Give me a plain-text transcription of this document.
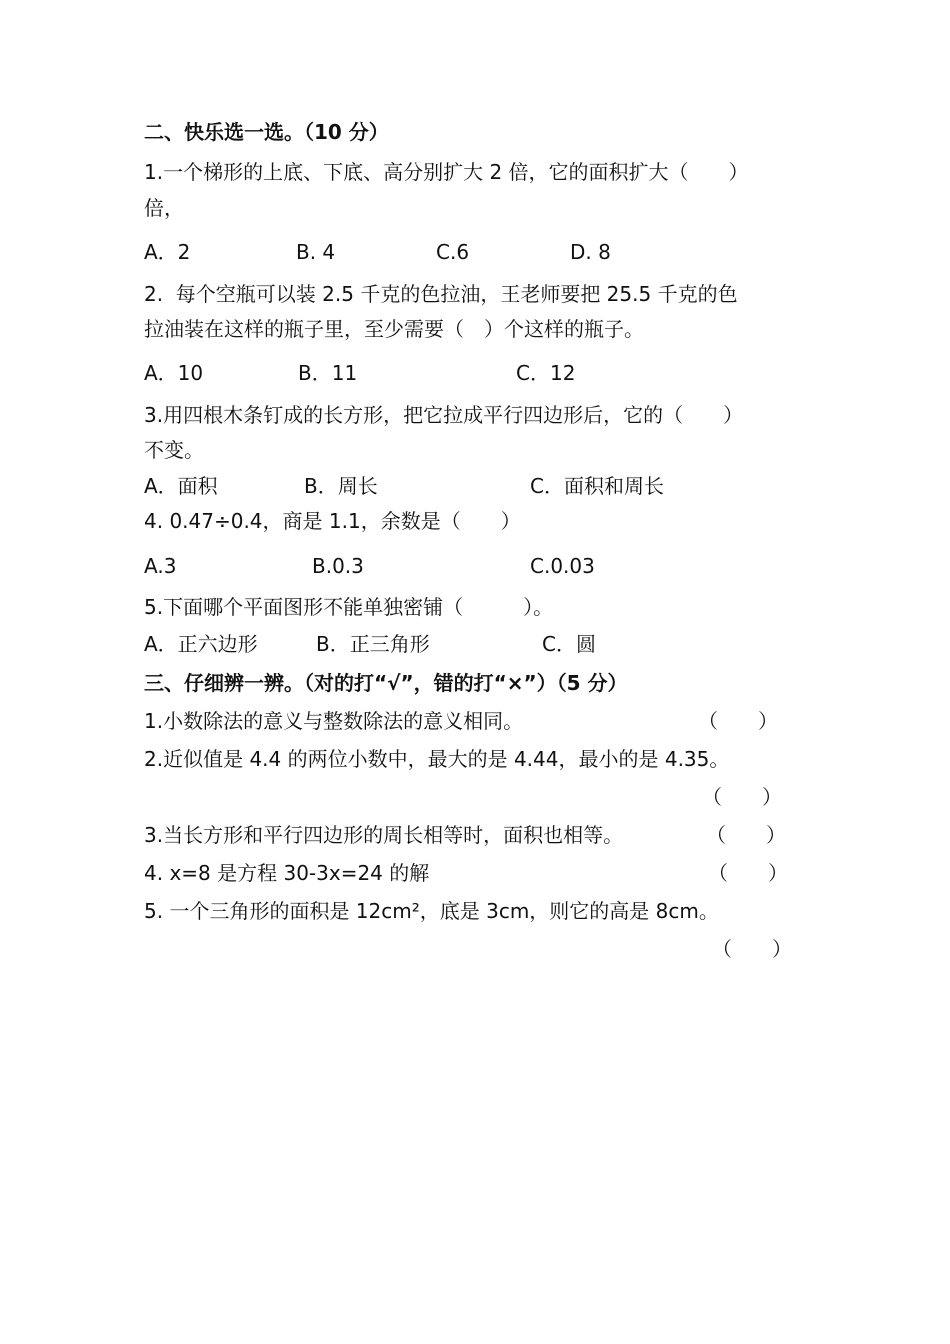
二、快乐选一选。（10 分）
1.一个梯形的上底、下底、高分别扩大 2 倍，它的面积扩大（　　）
倍，
A．2	B. 4	C.6	D. 8
2.  每个空瓶可以装 2.5 千克的色拉油，王老师要把 25.5 千克的色
拉油装在这样的瓶子里，至少需要（　）个这样的瓶子。
A．10	B．11	C．12
3.用四根木条钉成的长方形，把它拉成平行四边形后，它的（　　）
不变。
A．面积	B．周长	C．面积和周长
4. 0.47÷0.4，商是 1.1，余数是（　　）
A.3	B.0.3	C.0.03
5.下面哪个平面图形不能单独密铺（　　　）。
A．正六边形	B．正三角形	C．圆
三、仔细辨一辨。（对的打“√”，错的打“×”）（5 分）
1.小数除法的意义与整数除法的意义相同。	（　　）
2.近似值是 4.4 的两位小数中，最大的是 4.44，最小的是 4.35。
（　　）
3.当长方形和平行四边形的周长相等时，面积也相等。	（　　）
4. x=8 是方程 30-3x=24 的解	（　　）
5. 一个三角形的面积是 12cm²，底是 3cm，则它的高是 8cm。
（　　）
